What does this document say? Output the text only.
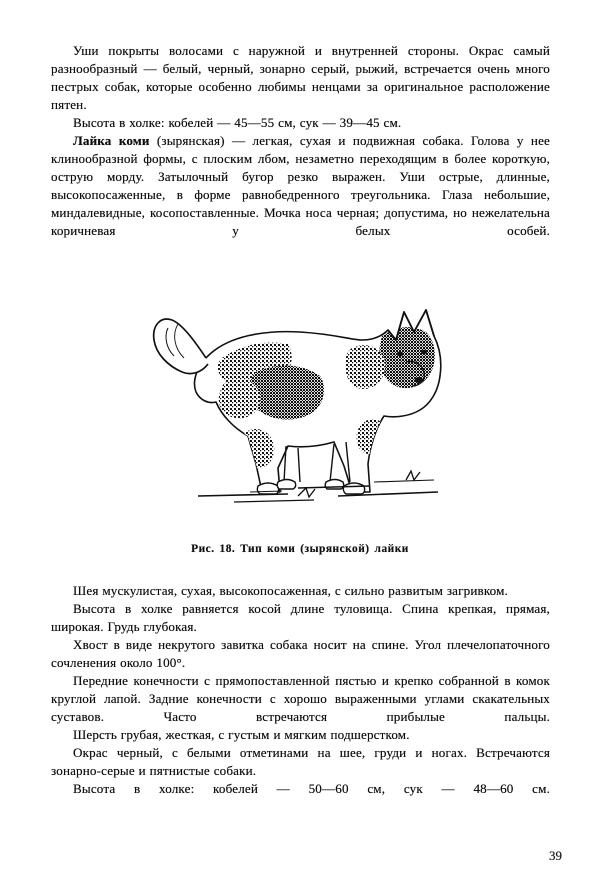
Уши покрыты волосами с наружной и внутренней стороны. Окрас самый разнообразный — белый, черный, зонарно серый, рыжий, встречается очень много пестрых собак, которые особенно любимы ненцами за оригинальное расположение пятен.

Высота в холке: кобелей — 45—55 см, сук — 39—45 см.

Лайка коми (зырянская) — легкая, сухая и подвижная собака. Голова у нее клинообразной формы, с плоским лбом, незаметно переходящим в более короткую, острую морду. Затылочный бугор резко выражен. Уши острые, длинные, высокопосаженные, в форме равнобедренного треугольника. Глаза небольшие, миндалевидные, косопоставленные. Мочка носа черная; допустима, но нежелательна коричневая у белых особей.

Рис. 18. Тип коми (зырянской) лайки

Шея мускулистая, сухая, высокопосаженная, с сильно развитым загривком.

Высота в холке равняется косой длине туловища. Спина крепкая, прямая, широкая. Грудь глубокая.

Хвост в виде некрутого завитка собака носит на спине. Угол плечелопаточного сочленения около 100°.

Передние конечности с прямопоставленной пястью и крепко собранной в комок круглой лапой. Задние конечности с хорошо выраженными углами скакательных суставов. Часто встречаются прибылые пальцы.

Шерсть грубая, жесткая, с густым и мягким подшерстком.

Окрас черный, с белыми отметинами на шее, груди и ногах. Встречаются зонарно-серые и пятнистые собаки.

Высота в холке: кобелей — 50—60 см, сук — 48—60 см.

39
